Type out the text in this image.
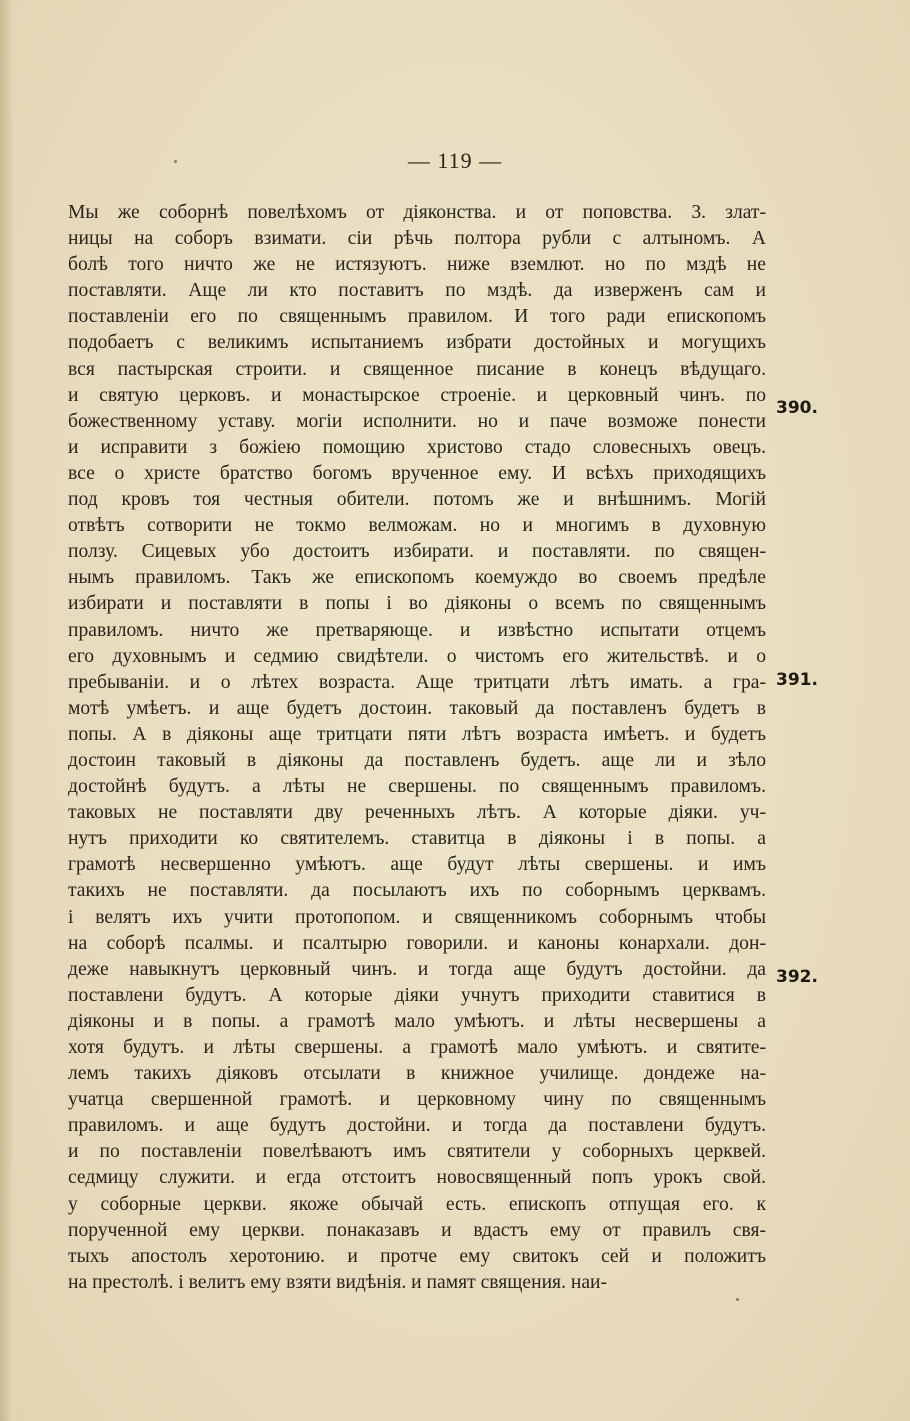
— 119 —
Мы же соборнѣ повелѣхомъ от дiяконства. и от поповства. 3. злат-
ницы на соборъ взимати. сiи рѣчь полтора рубли с алтыномъ. А
болѣ того ничто же не истязуютъ. ниже вземлют. но по мздѣ не
поставляти. Аще ли кто поставитъ по мздѣ. да изверженъ сам и
поставленiи его по священнымъ правилом. И того ради епископомъ
подобаетъ с великимъ испытаниемъ избрати достойных и могущихъ
вся пастырская строити. и священное писание в конецъ вѣдущаго.
и святую церковъ. и монастырское строенiе. и церковный чинъ. по
божественному уставу. могiи исполнити. но и паче возможе понести
и исправити з божiею помощию христово стадо словесныхъ овецъ.
все о христе братство богомъ врученное ему. И всѣхъ приходящихъ
под кровъ тоя честныя обители. потомъ же и внѣшнимъ. Могiй
отвѣтъ сотворити не токмо велможам. но и многимъ в духовную
ползу. Сицевых убо достоитъ избирати. и поставляти. по священ-
нымъ правиломъ. Такъ же епископомъ коемуждо во своемъ предѣле
избирати и поставляти в попы i во дiяконы о всемъ по священнымъ
правиломъ. ничто же претваряюще. и извѣстно испытати отцемъ
его духовнымъ и седмию свидѣтели. о чистомъ его жительствѣ. и о
пребыванiи. и о лѣтех возраста. Аще тритцати лѣтъ имать. а гра-
мотѣ умѣетъ. и аще будетъ достоин. таковый да поставленъ будетъ в
попы. А в дiяконы аще тритцати пяти лѣтъ возраста имѣетъ. и будетъ
достоин таковый в дiяконы да поставленъ будетъ. аще ли и зѣло
достойнѣ будутъ. а лѣты не свершены. по священнымъ правиломъ.
таковых не поставляти дву реченныхъ лѣтъ. А которые дiяки. уч-
нутъ приходити ко святителемъ. ставитца в дiяконы i в попы. а
грамотѣ несвершенно умѣютъ. аще будут лѣты свершены. и имъ
такихъ не поставляти. да посылаютъ ихъ по соборнымъ церквамъ.
i велятъ ихъ учити протопопом. и священникомъ соборнымъ чтобы
на соборѣ псалмы. и псалтырю говорили. и каноны конархали. дон-
деже навыкнутъ церковный чинъ. и тогда аще будутъ достойни. да
поставлени будутъ. А которые дiяки учнутъ приходити ставитися в
дiяконы и в попы. а грамотѣ мало умѣютъ. и лѣты несвершены а
хотя будутъ. и лѣты свершены. а грамотѣ мало умѣютъ. и святите-
лемъ такихъ дiяковъ отсылати в книжное училище. дондеже на-
учатца свершенной грамотѣ. и церковному чину по священнымъ
правиломъ. и аще будутъ достойни. и тогда да поставлени будутъ.
и по поставленiи повелѣваютъ имъ святители у соборныхъ церквей.
седмицу служити. и егда отстоитъ новосвященный попъ урокъ свой.
у соборные церкви. якоже обычай есть. епископъ отпущая его. к
порученной ему церкви. понаказавъ и вдастъ ему от правилъ свя-
тыхъ апостолъ херотонию. и протче ему свитокъ сей и положитъ
на престолѣ. i велитъ ему взяти видѣнiя. и памят священия. наи-
390.
391.
392.
